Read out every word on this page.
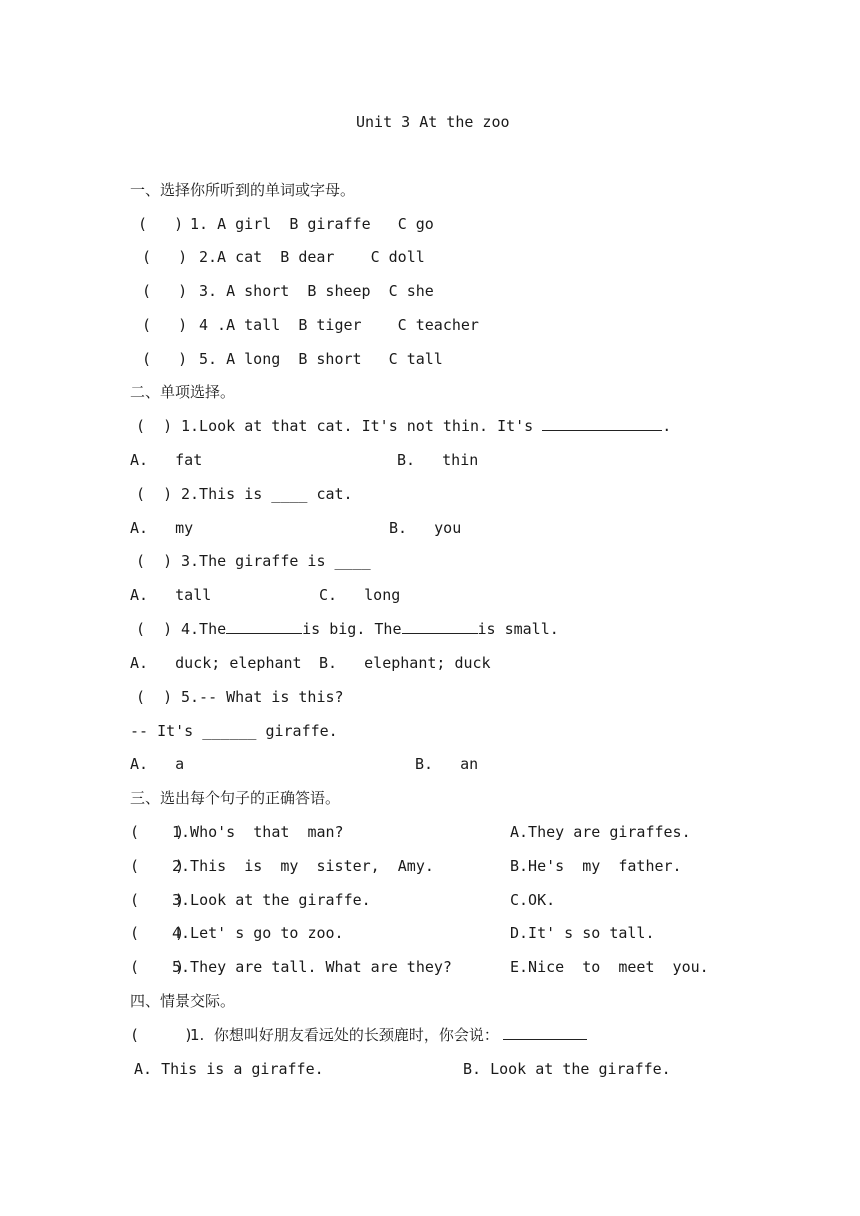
Unit 3 At the zoo
一、选择你所听到的单词或字母。
(   ) 1. A girl  B giraffe   C go
(   ) 2.A cat  B dear    C doll
(   ) 3. A short  B sheep  C she
(   ) 4 .A tall  B tiger    C teacher
(   ) 5. A long  B short   C tall
二、单项选择。
(  ) 1.Look at that cat. It's not thin. It's	.
A.   fat	B.   thin
(  ) 2.This is ____ cat.
A.   my	B.   you
(  ) 3.The giraffe is ____
A.   tall	C.   long
(  ) 4.The	is big. The	is small.
A.   duck; elephant B.   elephant; duck
(  ) 5.-- What is this?
-- It's ______ giraffe.
A.   a	B.   an
三、选出每个句子的正确答语。
(    )
1.Who's  that  man?	A.They are giraffes.
(    )
2.This  is  my  sister,  Amy.	B.He's  my  father.
(    )
3.Look at the giraffe.	C.OK.
(    )
4.Let' s go to zoo.	D.It' s so tall.
(    )
5.They are tall. What are they?	E.Nice  to  meet  you.
四、情景交际。
(     )
1.  你想叫好朋友看远处的长颈鹿时，你会说：
A. This is a giraffe.	B. Look at the giraffe.
